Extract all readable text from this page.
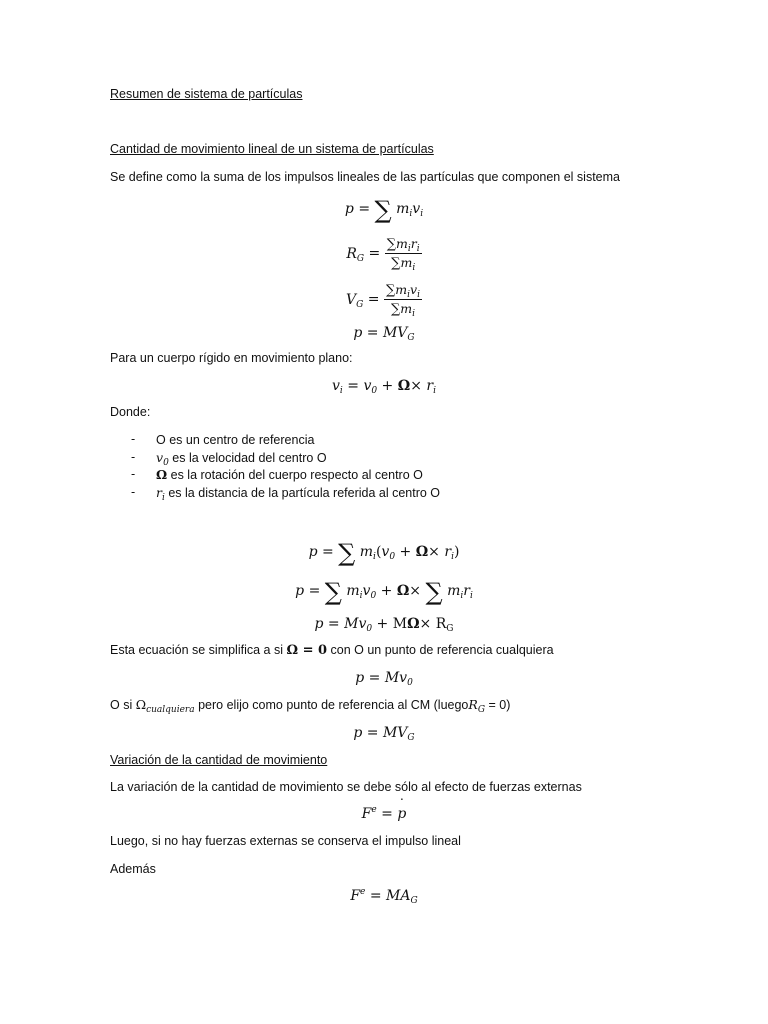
Resumen de sistema de partículas
Cantidad de movimiento lineal de un sistema de partículas
Se define como la suma de los impulsos lineales de las partículas que componen el sistema
p = ∑ $m_iv_i$
$R_G = \frac{\sum m_ir_i}{\sum m_i}$
$V_G = \frac{\sum m_iv_i}{\sum m_i}$
$p = MV_G$
Para un cuerpo rígido en movimiento plano:
$v_i = v_0 + \Omega\times r_i$
Donde:
- O es un centro de referencia
- $v_0$ es la velocidad del centro O
- Ω es la rotación del cuerpo respecto al centro O
- $r_i$ es la distancia de la partícula referida al centro O
p = ∑ $m_i(v_0 + \Omega\times r_i)$
p = ∑ $m_iv_0 + \Omega\times$ ∑ $m_ir_i$
$p = Mv_0 + M\Omega\times R_G$
Esta ecuación se simplifica a si Ω = 0 con O un punto de referencia cualquiera
$p = Mv_0$
O si $\Omega_{cualquiera}$ pero elijo como punto de referencia al CM (luegoR$_G$ = 0)
$p = MV_G$
Variación de la cantidad de movimiento
La variación de la cantidad de movimiento se debe sólo al efecto de fuerzas externas
$F^e$ = ˙ p
Luego, si no hay fuerzas externas se conserva el impulso lineal
Además
$F^e = MA_G$
